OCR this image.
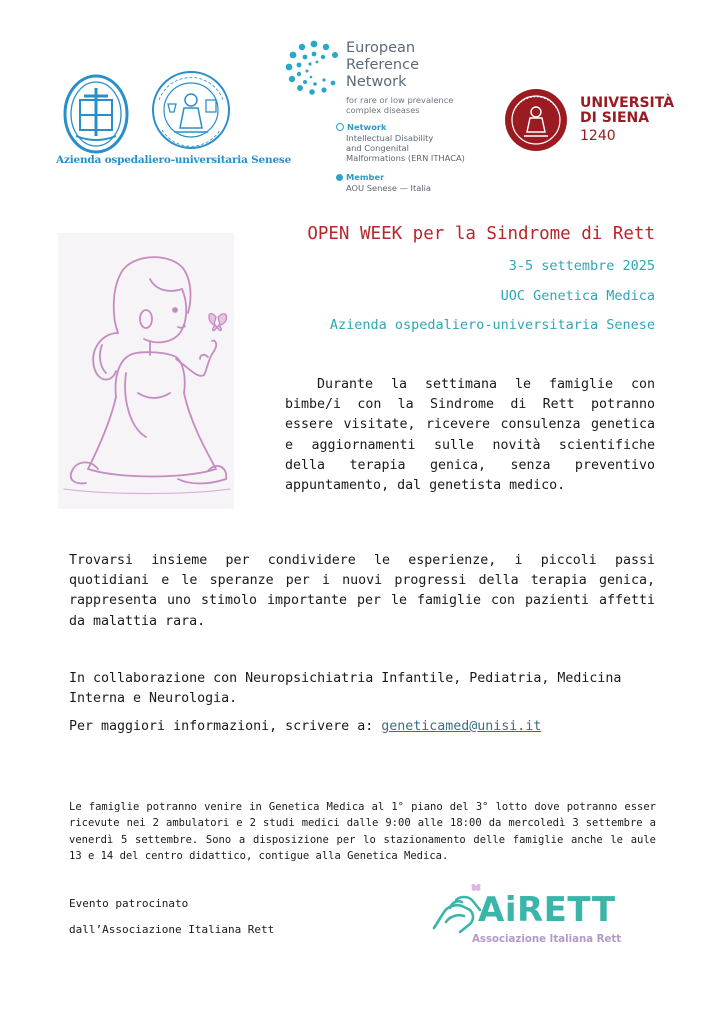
Azienda ospedaliero-universitaria Senese
European
Reference
Network
for rare or low prevalence
complex diseases
Network
Intellectual Disability
and Congenital
Malformations (ERN ITHACA)
Member
AOU Senese — Italia
UNIVERSITÀ
DI SIENA
1240
OPEN WEEK per la Sindrome di Rett
3-5 settembre 2025
UOC Genetica Medica
Azienda ospedaliero-universitaria Senese
Durante la settimana le famiglie con bimbe/i con la Sindrome di Rett potranno essere visitate, ricevere consulenza genetica e aggiornamenti sulle novità scientifiche della terapia genica, senza preventivo appuntamento, dal genetista medico.
Trovarsi insieme per condividere le esperienze, i piccoli passi quotidiani e le speranze per i nuovi progressi della terapia genica, rappresenta uno stimolo importante per le famiglie con pazienti affetti da malattia rara.
In collaborazione con Neuropsichiatria Infantile, Pediatria, Medicina Interna e Neurologia.
Per maggiori informazioni, scrivere a: geneticamed@unisi.it
Le famiglie potranno venire in Genetica Medica al 1° piano del 3° lotto dove potranno esser ricevute nei 2 ambulatori e 2 studi medici dalle 9:00 alle 18:00 da mercoledì 3 settembre a venerdì 5 settembre. Sono a disposizione per lo stazionamento delle famiglie anche le aule 13 e 14 del centro didattico, contigue alla Genetica Medica.
Evento patrocinato
dall’Associazione Italiana Rett	AiRETT
Associazione Italiana Rett
